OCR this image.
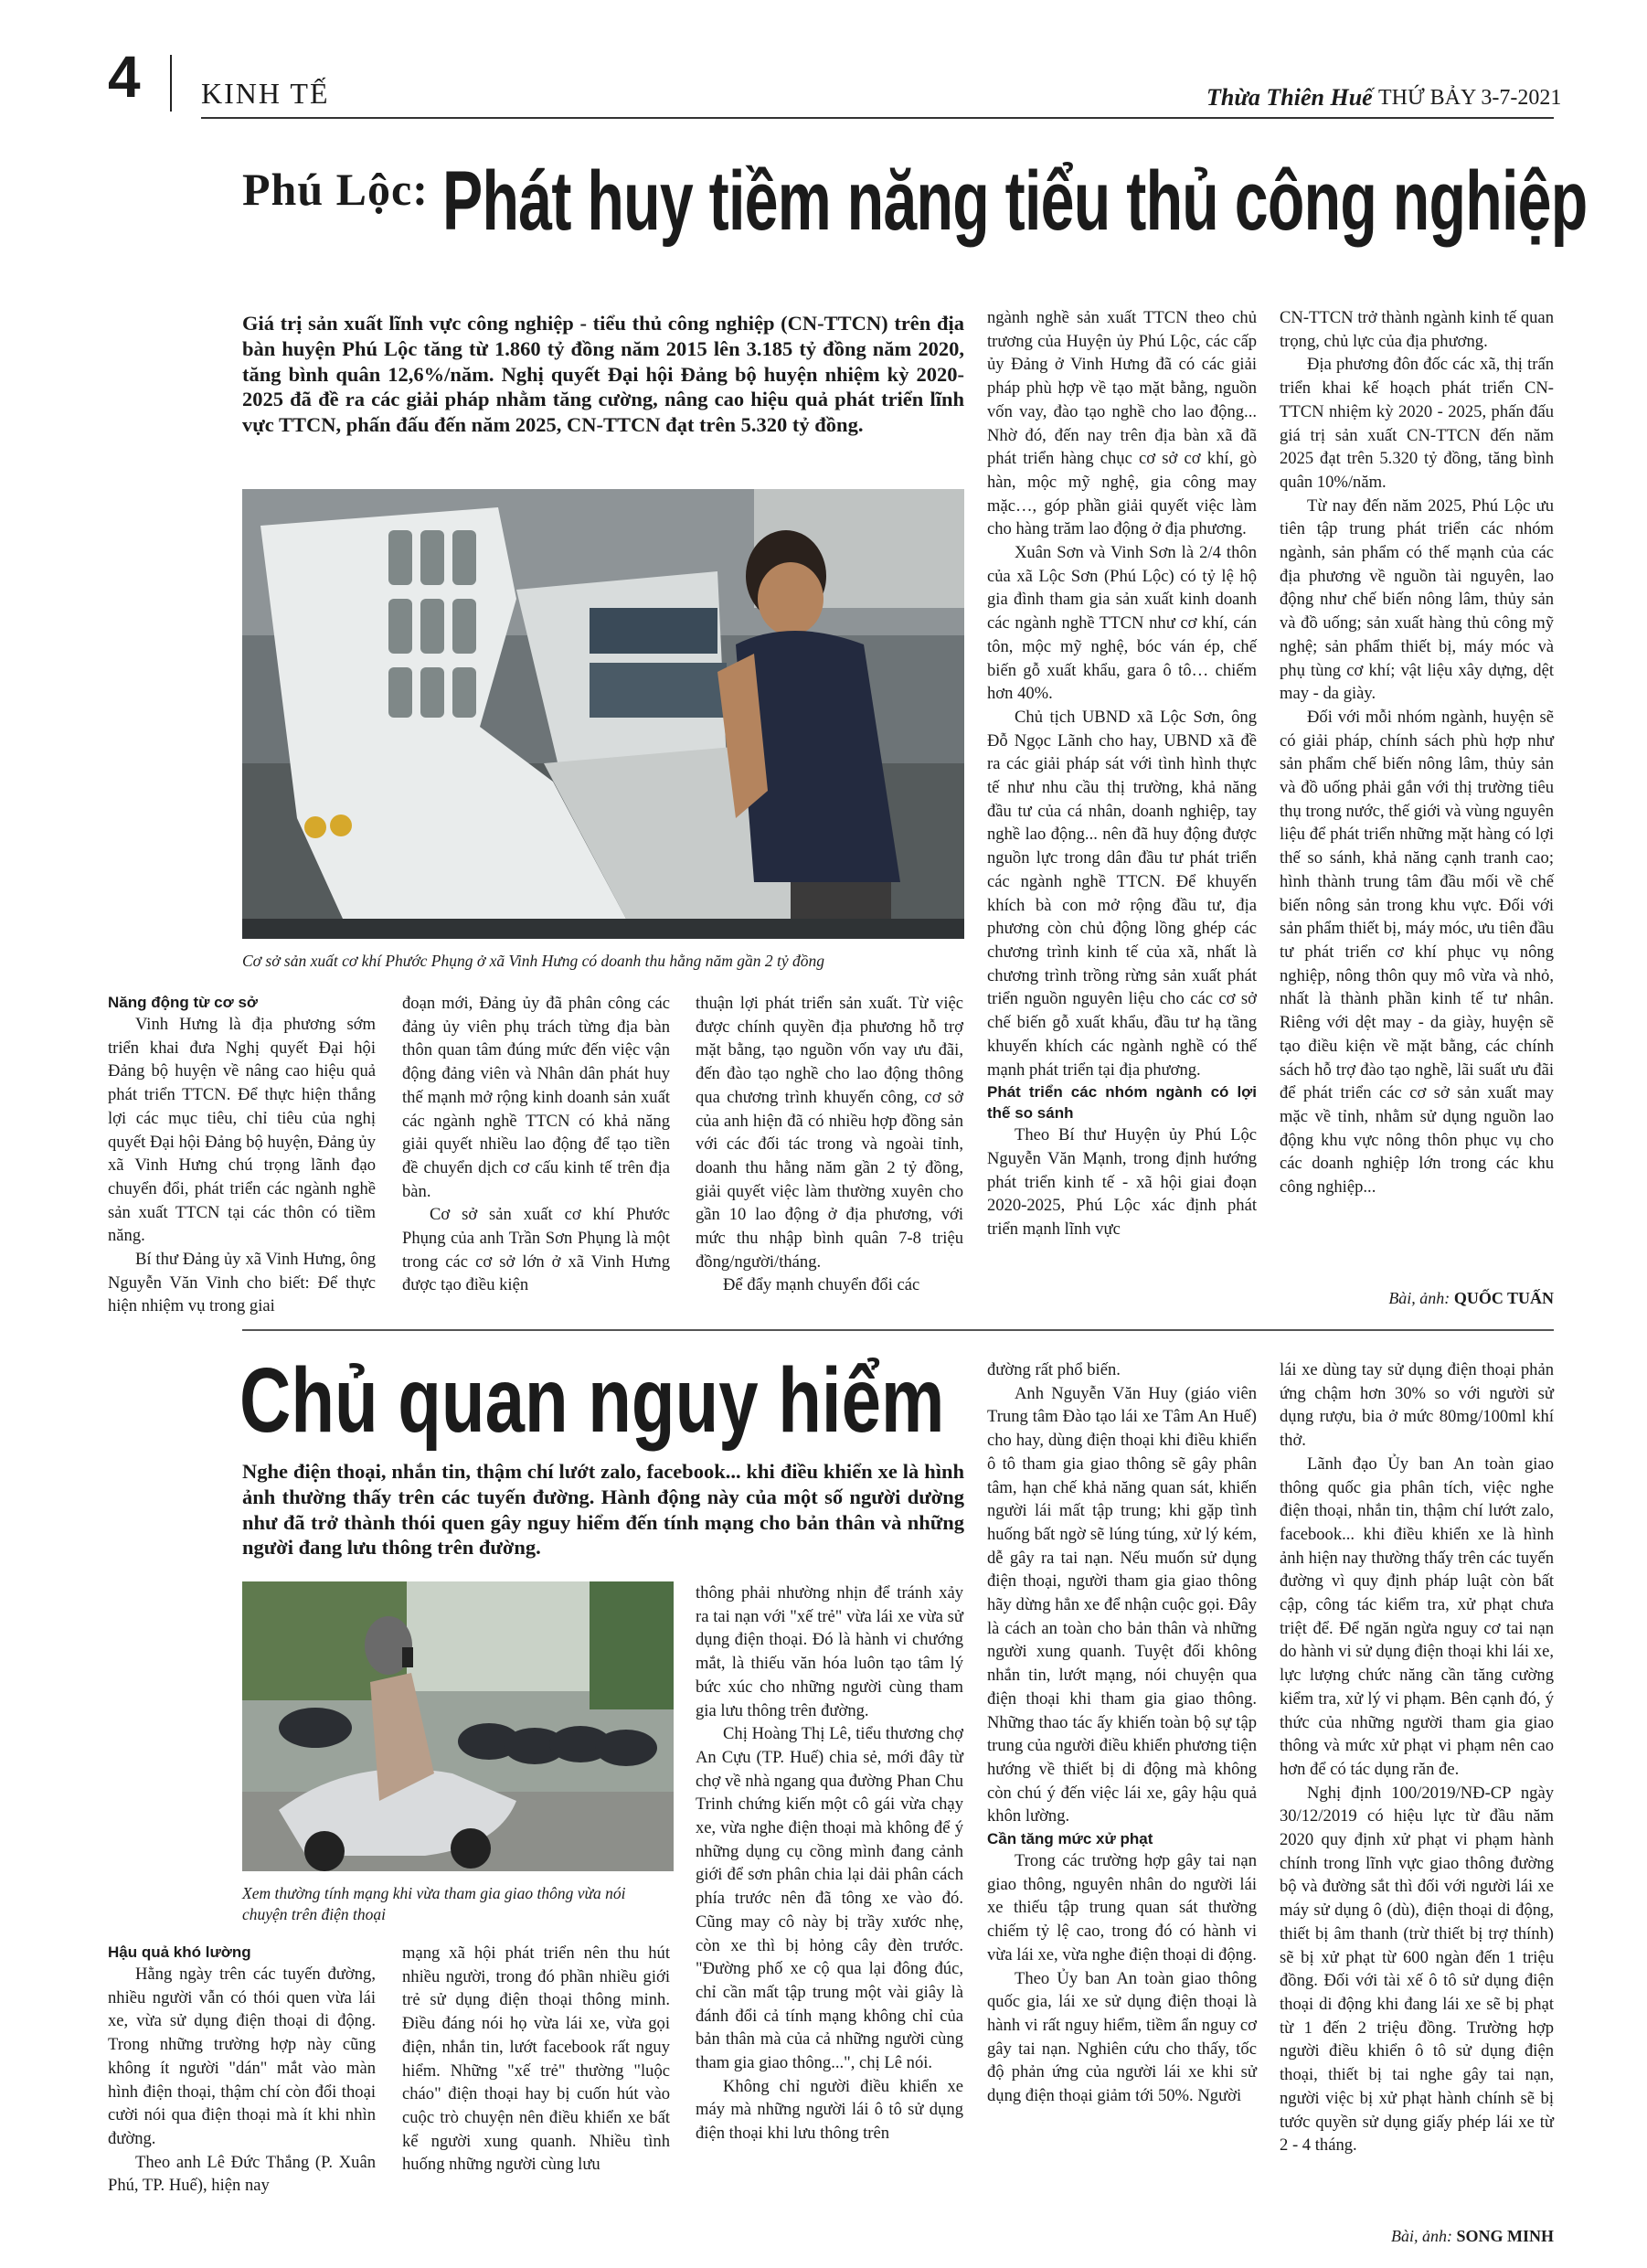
4 KINH TẾ	Thừa Thiên Huế THỨ BẢY 3-7-2021
Phú Lộc: Phát huy tiềm năng tiểu thủ công nghiệp
Giá trị sản xuất lĩnh vực công nghiệp - tiểu thủ công nghiệp (CN-TTCN) trên địa bàn huyện Phú Lộc tăng từ 1.860 tỷ đồng năm 2015 lên 3.185 tỷ đồng năm 2020, tăng bình quân 12,6%/năm. Nghị quyết Đại hội Đảng bộ huyện nhiệm kỳ 2020-2025 đã đề ra các giải pháp nhằm tăng cường, nâng cao hiệu quả phát triển lĩnh vực TTCN, phấn đấu đến năm 2025, CN-TTCN đạt trên 5.320 tỷ đồng.
Cơ sở sản xuất cơ khí Phước Phụng ở xã Vinh Hưng có doanh thu hằng năm gần 2 tỷ đồng

Năng động từ cơ sở

Vinh Hưng là địa phương sớm triển khai đưa Nghị quyết Đại hội Đảng bộ huyện về nâng cao hiệu quả phát triển TTCN. Để thực hiện thắng lợi các mục tiêu, chỉ tiêu của nghị quyết Đại hội Đảng bộ huyện, Đảng ủy xã Vinh Hưng chú trọng lãnh đạo chuyển đổi, phát triển các ngành nghề sản xuất TTCN tại các thôn có tiềm năng.

Bí thư Đảng ủy xã Vinh Hưng, ông Nguyễn Văn Vinh cho biết: Để thực hiện nhiệm vụ trong giai

đoạn mới, Đảng ủy đã phân công các đảng ủy viên phụ trách từng địa bàn thôn quan tâm đúng mức đến việc vận động đảng viên và Nhân dân phát huy thế mạnh mở rộng kinh doanh sản xuất các ngành nghề TTCN có khả năng giải quyết nhiều lao động để tạo tiền đề chuyển dịch cơ cấu kinh tế trên địa bàn.

Cơ sở sản xuất cơ khí Phước Phụng của anh Trần Sơn Phụng là một trong các cơ sở lớn ở xã Vinh Hưng được tạo điều kiện

thuận lợi phát triển sản xuất. Từ việc được chính quyền địa phương hỗ trợ mặt bằng, tạo nguồn vốn vay ưu đãi, đến đào tạo nghề cho lao động thông qua chương trình khuyến công, cơ sở của anh hiện đã có nhiều hợp đồng sản với các đối tác trong và ngoài tỉnh, doanh thu hằng năm gần 2 tỷ đồng, giải quyết việc làm thường xuyên cho gần 10 lao động ở địa phương, với mức thu nhập bình quân 7-8 triệu đồng/người/tháng.

Để đẩy mạnh chuyển đổi các

ngành nghề sản xuất TTCN theo chủ trương của Huyện ủy Phú Lộc, các cấp ủy Đảng ở Vinh Hưng đã có các giải pháp phù hợp về tạo mặt bằng, nguồn vốn vay, đào tạo nghề cho lao động... Nhờ đó, đến nay trên địa bàn xã đã phát triển hàng chục cơ sở cơ khí, gò hàn, mộc mỹ nghệ, gia công may mặc…, góp phần giải quyết việc làm cho hàng trăm lao động ở địa phương.

Xuân Sơn và Vinh Sơn là 2/4 thôn của xã Lộc Sơn (Phú Lộc) có tỷ lệ hộ gia đình tham gia sản xuất kinh doanh các ngành nghề TTCN như cơ khí, cán tôn, mộc mỹ nghệ, bóc ván ép, chế biến gỗ xuất khẩu, gara ô tô… chiếm hơn 40%.

Chủ tịch UBND xã Lộc Sơn, ông Đỗ Ngọc Lãnh cho hay, UBND xã đề ra các giải pháp sát với tình hình thực tế như nhu cầu thị trường, khả năng đầu tư của cá nhân, doanh nghiệp, tay nghề lao động... nên đã huy động được nguồn lực trong dân đầu tư phát triển các ngành nghề TTCN. Để khuyến khích bà con mở rộng đầu tư, địa phương còn chủ động lồng ghép các chương trình kinh tế của xã, nhất là chương trình trồng rừng sản xuất phát triển nguồn nguyên liệu cho các cơ sở chế biến gỗ xuất khẩu, đầu tư hạ tầng khuyến khích các ngành nghề có thế mạnh phát triển tại địa phương.

Phát triển các nhóm ngành có lợi thế so sánh

Theo Bí thư Huyện ủy Phú Lộc Nguyễn Văn Mạnh, trong định hướng phát triển kinh tế - xã hội giai đoạn 2020-2025, Phú Lộc xác định phát triển mạnh lĩnh vực

CN-TTCN trở thành ngành kinh tế quan trọng, chủ lực của địa phương.

Địa phương đôn đốc các xã, thị trấn triển khai kế hoạch phát triển CN-TTCN nhiệm kỳ 2020 - 2025, phấn đấu giá trị sản xuất CN-TTCN đến năm 2025 đạt trên 5.320 tỷ đồng, tăng bình quân 10%/năm.

Từ nay đến năm 2025, Phú Lộc ưu tiên tập trung phát triển các nhóm ngành, sản phẩm có thế mạnh của các địa phương về nguồn tài nguyên, lao động như chế biến nông lâm, thủy sản và đồ uống; sản xuất hàng thủ công mỹ nghệ; sản phẩm thiết bị, máy móc và phụ tùng cơ khí; vật liệu xây dựng, dệt may - da giày.

Đối với mỗi nhóm ngành, huyện sẽ có giải pháp, chính sách phù hợp như sản phẩm chế biến nông lâm, thủy sản và đồ uống phải gắn với thị trường tiêu thụ trong nước, thế giới và vùng nguyên liệu để phát triển những mặt hàng có lợi thế so sánh, khả năng cạnh tranh cao; hình thành trung tâm đầu mối về chế biến nông sản trong khu vực. Đối với sản phẩm thiết bị, máy móc, ưu tiên đầu tư phát triển cơ khí phục vụ nông nghiệp, nông thôn quy mô vừa và nhỏ, nhất là thành phần kinh tế tư nhân. Riêng với dệt may - da giày, huyện sẽ tạo điều kiện về mặt bằng, các chính sách hỗ trợ đào tạo nghề, lãi suất ưu đãi để phát triển các cơ sở sản xuất may mặc về tỉnh, nhằm sử dụng nguồn lao động khu vực nông thôn phục vụ cho các doanh nghiệp lớn trong các khu công nghiệp...

Bài, ảnh: QUỐC TUẤN
Chủ quan nguy hiểm
Nghe điện thoại, nhắn tin, thậm chí lướt zalo, facebook... khi điều khiển xe là hình ảnh thường thấy trên các tuyến đường. Hành động này của một số người dường như đã trở thành thói quen gây nguy hiểm đến tính mạng cho bản thân và những người đang lưu thông trên đường.
Xem thường tính mạng khi vừa tham gia giao thông vừa nói chuyện trên điện thoại

Hậu quả khó lường

Hằng ngày trên các tuyến đường, nhiều người vẫn có thói quen vừa lái xe, vừa sử dụng điện thoại di động. Trong những trường hợp này cũng không ít người "dán" mắt vào màn hình điện thoại, thậm chí còn đổi thoại cười nói qua điện thoại mà ít khi nhìn đường.

Theo anh Lê Đức Thắng (P. Xuân Phú, TP. Huế), hiện nay

mạng xã hội phát triển nên thu hút nhiều người, trong đó phần nhiều giới trẻ sử dụng điện thoại thông minh. Điều đáng nói họ vừa lái xe, vừa gọi điện, nhắn tin, lướt facebook rất nguy hiểm. Những "xế trẻ" thường "luộc cháo" điện thoại hay bị cuốn hút vào cuộc trò chuyện nên điều khiển xe bất kể người xung quanh. Nhiều tình huống những người cùng lưu

thông phải nhường nhịn để tránh xảy ra tai nạn với "xế trẻ" vừa lái xe vừa sử dụng điện thoại. Đó là hành vi chướng mắt, là thiếu văn hóa luôn tạo tâm lý bức xúc cho những người cùng tham gia lưu thông trên đường.

Chị Hoàng Thị Lê, tiểu thương chợ An Cựu (TP. Huế) chia sẻ, mới đây từ chợ về nhà ngang qua đường Phan Chu Trinh chứng kiến một cô gái vừa chạy xe, vừa nghe điện thoại mà không để ý những dụng cụ cồng mình đang cảnh giới để sơn phân chia lại dải phân cách phía trước nên đã tông xe vào đó. Cũng may cô này bị trầy xước nhẹ, còn xe thì bị hỏng cây đèn trước. "Đường phố xe cộ qua lại đông đúc, chỉ cần mất tập trung một vài giây là đánh đổi cả tính mạng không chỉ của bản thân mà của cả những người cùng tham gia giao thông...", chị Lê nói.

Không chỉ người điều khiển xe máy mà những người lái ô tô sử dụng điện thoại khi lưu thông trên

đường rất phổ biến.

Anh Nguyễn Văn Huy (giáo viên Trung tâm Đào tạo lái xe Tâm An Huế) cho hay, dùng điện thoại khi điều khiển ô tô tham gia giao thông sẽ gây phân tâm, hạn chế khả năng quan sát, khiến người lái mất tập trung; khi gặp tình huống bất ngờ sẽ lúng túng, xử lý kém, dễ gây ra tai nạn. Nếu muốn sử dụng điện thoại, người tham gia giao thông hãy dừng hẳn xe để nhận cuộc gọi. Đây là cách an toàn cho bản thân và những người xung quanh. Tuyệt đối không nhắn tin, lướt mạng, nói chuyện qua điện thoại khi tham gia giao thông. Những thao tác ấy khiến toàn bộ sự tập trung của người điều khiển phương tiện hướng về thiết bị di động mà không còn chú ý đến việc lái xe, gây hậu quả khôn lường.

Cần tăng mức xử phạt

Trong các trường hợp gây tai nạn giao thông, nguyên nhân do người lái xe thiếu tập trung quan sát thường chiếm tỷ lệ cao, trong đó có hành vi vừa lái xe, vừa nghe điện thoại di động.

Theo Ủy ban An toàn giao thông quốc gia, lái xe sử dụng điện thoại là hành vi rất nguy hiểm, tiềm ẩn nguy cơ gây tai nạn. Nghiên cứu cho thấy, tốc độ phản ứng của người lái xe khi sử dụng điện thoại giảm tới 50%. Người

lái xe dùng tay sử dụng điện thoại phản ứng chậm hơn 30% so với người sử dụng rượu, bia ở mức 80mg/100ml khí thở.

Lãnh đạo Ủy ban An toàn giao thông quốc gia phân tích, việc nghe điện thoại, nhắn tin, thậm chí lướt zalo, facebook... khi điều khiển xe là hình ảnh hiện nay thường thấy trên các tuyến đường vì quy định pháp luật còn bất cập, công tác kiểm tra, xử phạt chưa triệt để. Để ngăn ngừa nguy cơ tai nạn do hành vi sử dụng điện thoại khi lái xe, lực lượng chức năng cần tăng cường kiểm tra, xử lý vi phạm. Bên cạnh đó, ý thức của những người tham gia giao thông và mức xử phạt vi phạm nên cao hơn để có tác dụng răn đe.

Nghị định 100/2019/NĐ-CP ngày 30/12/2019 có hiệu lực từ đầu năm 2020 quy định xử phạt vi phạm hành chính trong lĩnh vực giao thông đường bộ và đường sắt thì đối với người lái xe máy sử dụng ô (dù), điện thoại di động, thiết bị âm thanh (trừ thiết bị trợ thính) sẽ bị xử phạt từ 600 ngàn đến 1 triệu đồng. Đối với tài xế ô tô sử dụng điện thoại di động khi đang lái xe sẽ bị phạt từ 1 đến 2 triệu đồng. Trường hợp người điều khiển ô tô sử dụng điện thoại, thiết bị tai nghe gây tai nạn, người việc bị xử phạt hành chính sẽ bị tước quyền sử dụng giấy phép lái xe từ 2 - 4 tháng.

Bài, ảnh: SONG MINH
